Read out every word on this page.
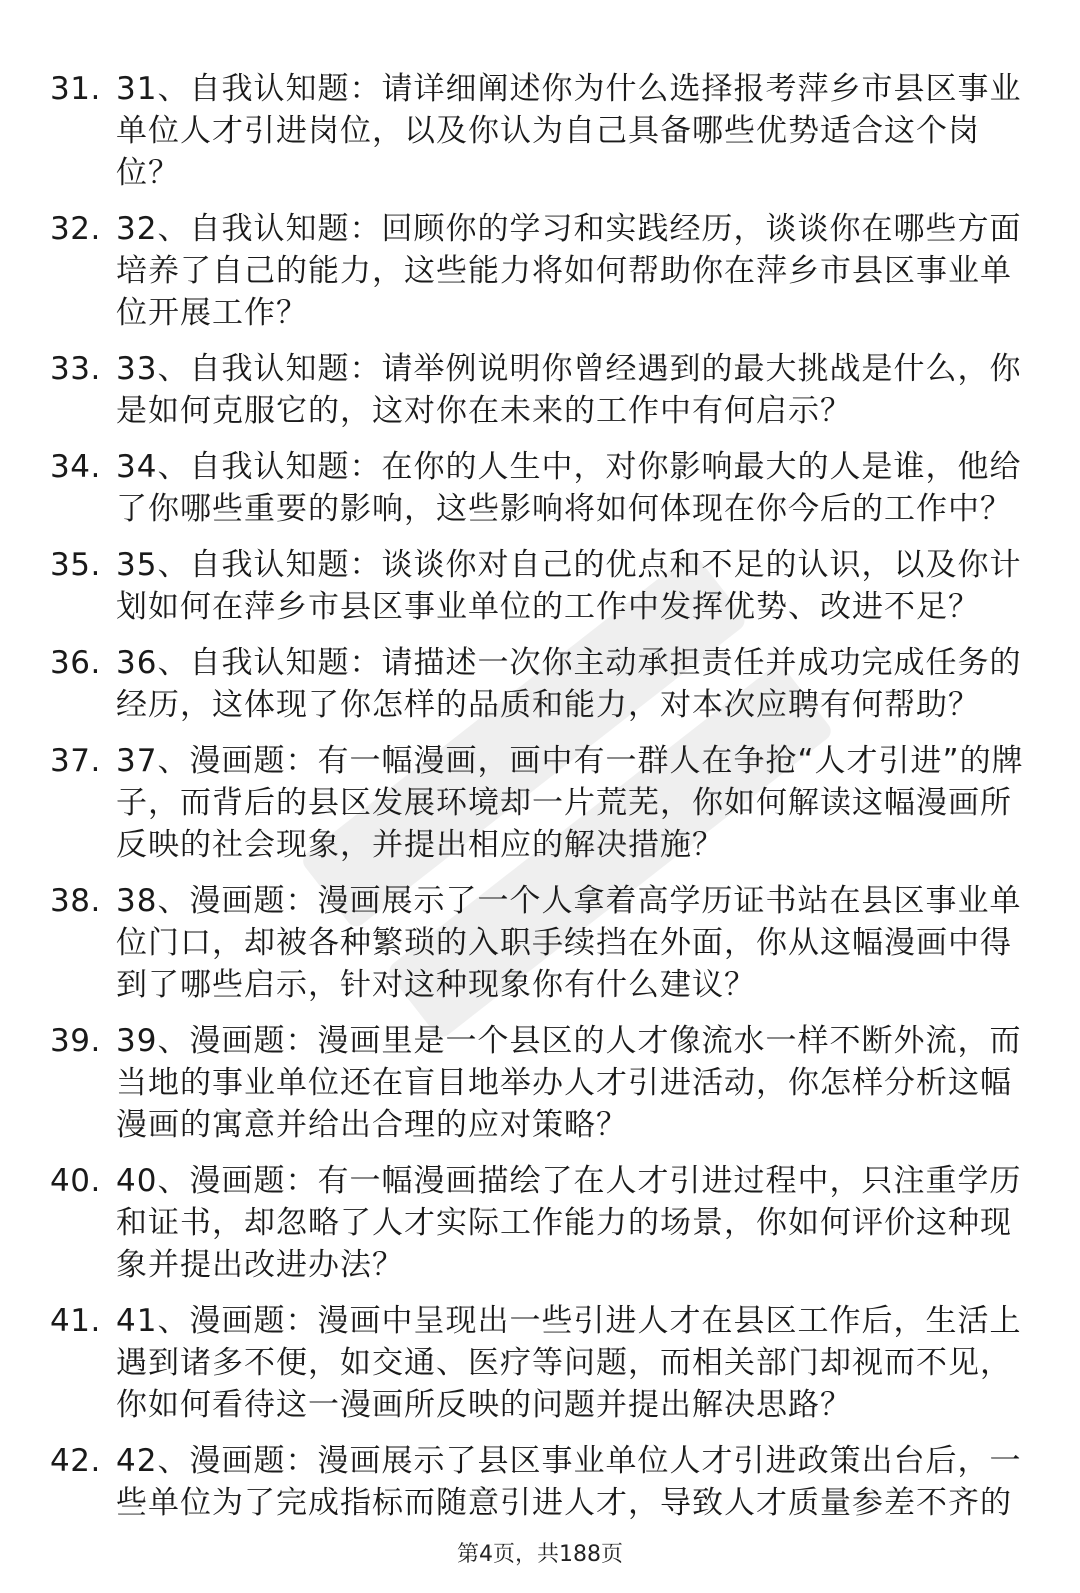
31. 31、自我认知题：请详细阐述你为什么选择报考萍乡市县区事业单位人才引进岗位，以及你认为自己具备哪些优势适合这个岗位？
32. 32、自我认知题：回顾你的学习和实践经历，谈谈你在哪些方面培养了自己的能力，这些能力将如何帮助你在萍乡市县区事业单位开展工作？
33. 33、自我认知题：请举例说明你曾经遇到的最大挑战是什么，你是如何克服它的，这对你在未来的工作中有何启示？
34. 34、自我认知题：在你的人生中，对你影响最大的人是谁，他给了你哪些重要的影响，这些影响将如何体现在你今后的工作中？
35. 35、自我认知题：谈谈你对自己的优点和不足的认识，以及你计划如何在萍乡市县区事业单位的工作中发挥优势、改进不足？
36. 36、自我认知题：请描述一次你主动承担责任并成功完成任务的经历，这体现了你怎样的品质和能力，对本次应聘有何帮助？
37. 37、漫画题：有一幅漫画，画中有一群人在争抢“人才引进”的牌子，而背后的县区发展环境却一片荒芜，你如何解读这幅漫画所反映的社会现象，并提出相应的解决措施？
38. 38、漫画题：漫画展示了一个人拿着高学历证书站在县区事业单位门口，却被各种繁琐的入职手续挡在外面，你从这幅漫画中得到了哪些启示，针对这种现象你有什么建议？
39. 39、漫画题：漫画里是一个县区的人才像流水一样不断外流，而当地的事业单位还在盲目地举办人才引进活动，你怎样分析这幅漫画的寓意并给出合理的应对策略？
40. 40、漫画题：有一幅漫画描绘了在人才引进过程中，只注重学历和证书，却忽略了人才实际工作能力的场景，你如何评价这种现象并提出改进办法？
41. 41、漫画题：漫画中呈现出一些引进人才在县区工作后，生活上遇到诸多不便，如交通、医疗等问题，而相关部门却视而不见，你如何看待这一漫画所反映的问题并提出解决思路？
42. 42、漫画题：漫画展示了县区事业单位人才引进政策出台后，一些单位为了完成指标而随意引进人才，导致人才质量参差不齐的
第4页，共188页
